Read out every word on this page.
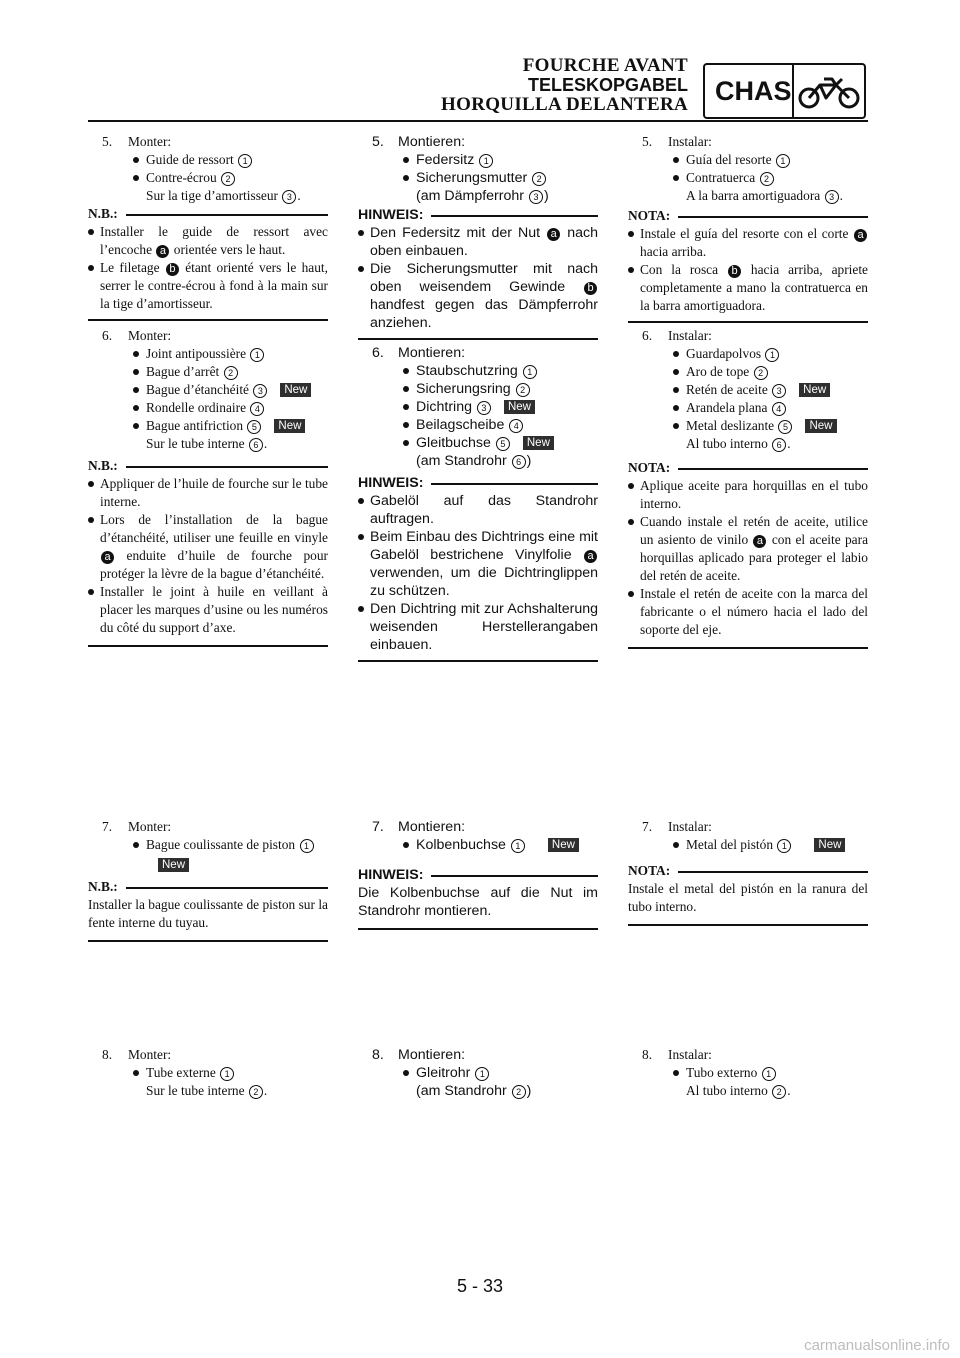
FOURCHE AVANT
TELESKOPGABEL
HORQUILLA DELANTERA	CHAS
5. Monter:
Guide de ressort 1
Contre-écrou 2
Sur la tige d’amortisseur 3 .
N.B.:

Installer le guide de ressort avec l’encoche a orientée vers le haut.

Le filetage b étant orienté vers le haut, serrer le contre-écrou à fond à la main sur la tige d’amortisseur.

6. Monter:
Joint antipoussière 1
Bague d’arrêt 2
Bague d’étanchéité 3 New
Rondelle ordinaire 4
Bague antifriction 5 New
Sur le tube interne 6 .
N.B.:

Appliquer de l’huile de fourche sur le tube interne.

Lors de l’installation de la bague d’étanchéité, utiliser une feuille en vinyle a enduite d’huile de fourche pour protéger la lèvre de la bague d’étanchéité.

Installer le joint à huile en veillant à placer les marques d’usine ou les numéros du côté du support d’axe.

7. Monter:
Bague coulissante de piston 1
New
N.B.:

Installer la bague coulissante de piston sur la fente interne du tuyau.

8. Monter:
Tube externe 1
Sur le tube interne 2 .
5. Montieren:
Federsitz 1
Sicherungsmutter 2
(am Dämpferrohr 3 )
HINWEIS:

Den Federsitz mit der Nut a nach oben einbauen.

Die Sicherungsmutter mit nach oben weisendem Gewinde b handfest gegen das Dämpferrohr anziehen.

6. Montieren:
Staubschutzring 1
Sicherungsring 2
Dichtring 3 New
Beilagscheibe 4
Gleitbuchse 5 New
(am Standrohr 6 )
HINWEIS:

Gabelöl auf das Standrohr auftragen.

Beim Einbau des Dichtrings eine mit Gabelöl bestrichene Vinylfolie a verwenden, um die Dichtringlippen zu schützen.

Den Dichtring mit zur Achshalterung weisenden Herstellerangaben einbauen.

7. Montieren:
Kolbenbuchse 1	New
HINWEIS:

Die Kolbenbuchse auf die Nut im Standrohr montieren.

8. Montieren:
Gleitrohr 1
(am Standrohr 2 )
5. Instalar:
Guía del resorte 1
Contratuerca 2
A la barra amortiguadora 3 .
NOTA:

Instale el guía del resorte con el corte a hacia arriba.

Con la rosca b hacia arriba, apriete completamente a mano la contratuerca en la barra amortiguadora.

6. Instalar:
Guardapolvos 1
Aro de tope 2
Retén de aceite 3 New
Arandela plana 4
Metal deslizante 5 New
Al tubo interno 6 .
NOTA:

Aplique aceite para horquillas en el tubo interno.

Cuando instale el retén de aceite, utilice un asiento de vinilo a con el aceite para horquillas aplicado para proteger el labio del retén de aceite.

Instale el retén de aceite con la marca del fabricante o el número hacia el lado del soporte del eje.

7. Instalar:
Metal del pistón 1	New
NOTA:

Instale el metal del pistón en la ranura del tubo interno.

8. Instalar:
Tubo externo 1
Al tubo interno 2 .
5 - 33
carmanualsonline.info
